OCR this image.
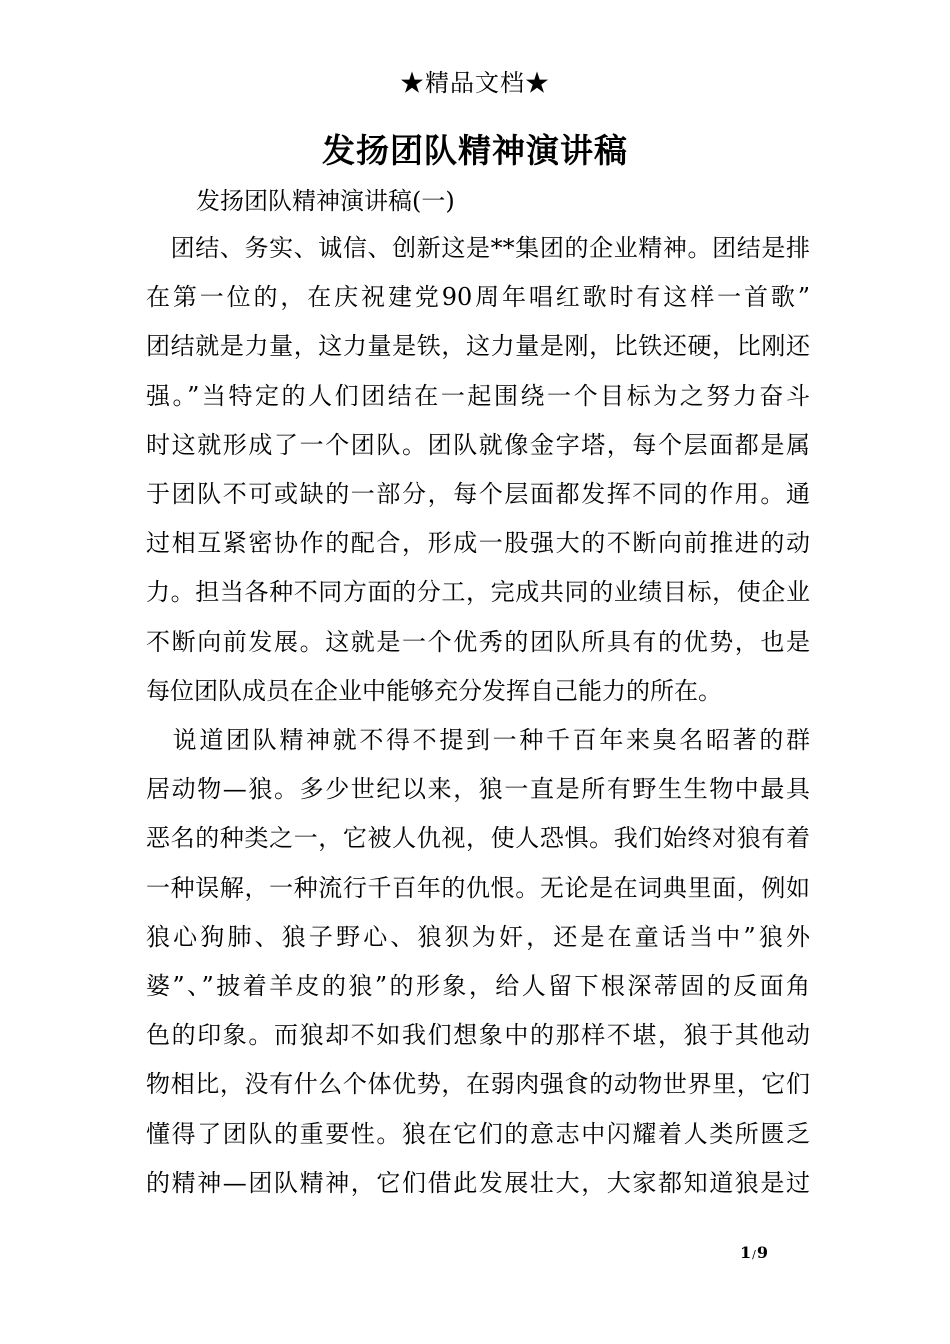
★精品文档★
发扬团队精神演讲稿
发扬团队精神演讲稿(一)

　团结、务实、诚信、创新这是**集团的企业精神。团结是排
在第一位的，在庆祝建党90周年唱红歌时有这样一首歌”
团结就是力量，这力量是铁，这力量是刚，比铁还硬，比刚还
强。”当特定的人们团结在一起围绕一个目标为之努力奋斗
时这就形成了一个团队。团队就像金字塔，每个层面都是属
于团队不可或缺的一部分，每个层面都发挥不同的作用。通
过相互紧密协作的配合，形成一股强大的不断向前推进的动
力。担当各种不同方面的分工，完成共同的业绩目标，使企业
不断向前发展。这就是一个优秀的团队所具有的优势，也是
每位团队成员在企业中能够充分发挥自己能力的所在。

　说道团队精神就不得不提到一种千百年来臭名昭著的群
居动物—狼。多少世纪以来，狼一直是所有野生生物中最具
恶名的种类之一，它被人仇视，使人恐惧。我们始终对狼有着
一种误解，一种流行千百年的仇恨。无论是在词典里面，例如
狼心狗肺、狼子野心、狼狈为奸，还是在童话当中”狼外
婆”、”披着羊皮的狼”的形象，给人留下根深蒂固的反面角
色的印象。而狼却不如我们想象中的那样不堪，狼于其他动
物相比，没有什么个体优势，在弱肉强食的动物世界里，它们
懂得了团队的重要性。狼在它们的意志中闪耀着人类所匮乏
的精神—团队精神，它们借此发展壮大，大家都知道狼是过

1/9
